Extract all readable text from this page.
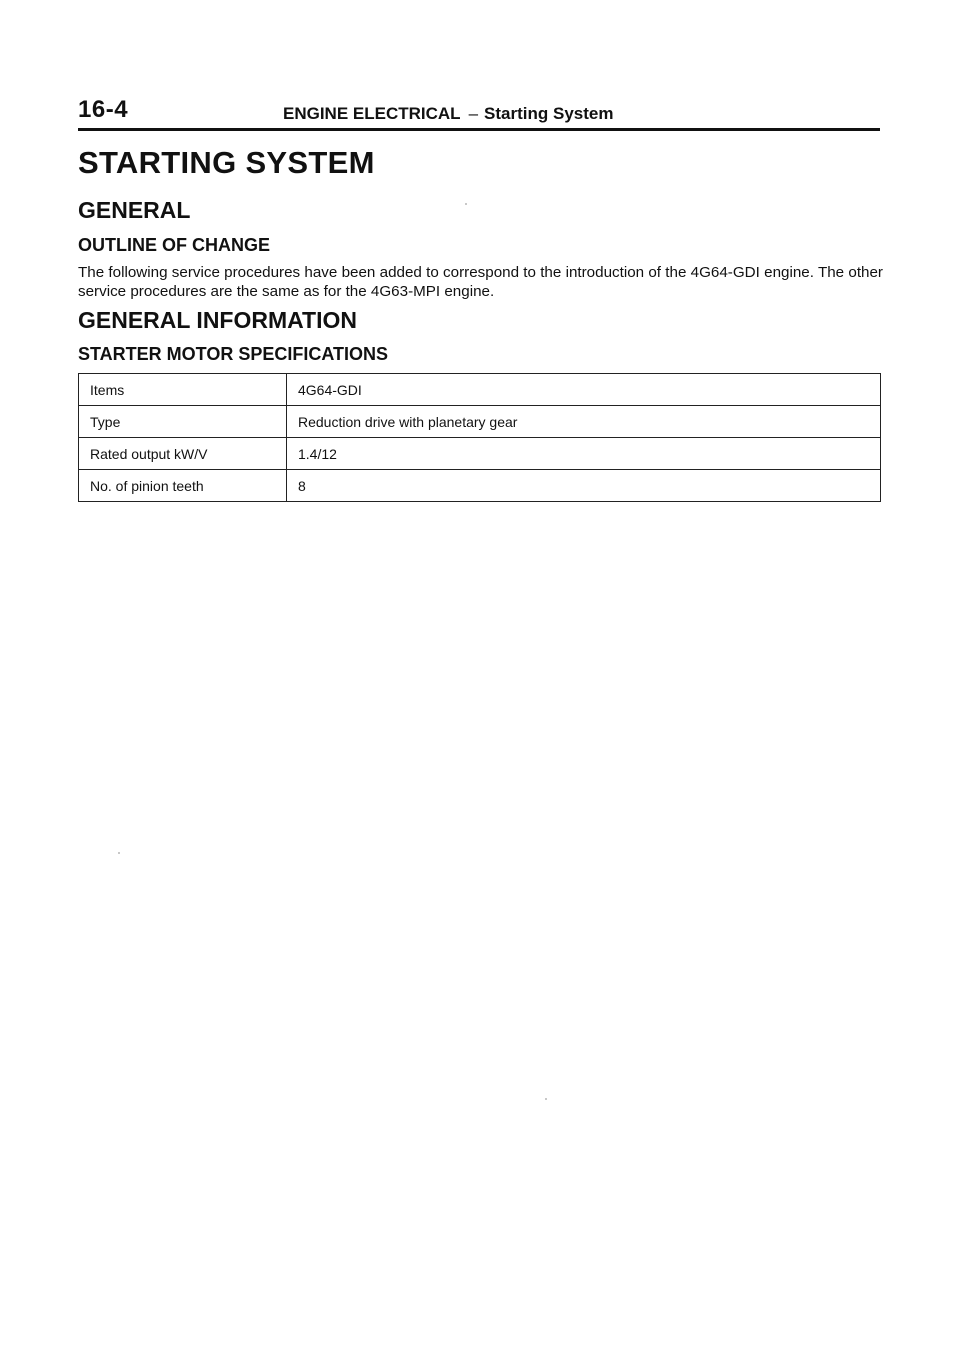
16-4	ENGINE ELECTRICAL – Starting System
STARTING SYSTEM
GENERAL
OUTLINE OF CHANGE
The following service procedures have been added to correspond to the introduction of the 4G64-GDI engine. The other service procedures are the same as for the 4G63-MPI engine.
GENERAL INFORMATION
STARTER MOTOR SPECIFICATIONS
Items	4G64-GDI
Type	Reduction drive with planetary gear
Rated output kW/V	1.4/12
No. of pinion teeth	8
